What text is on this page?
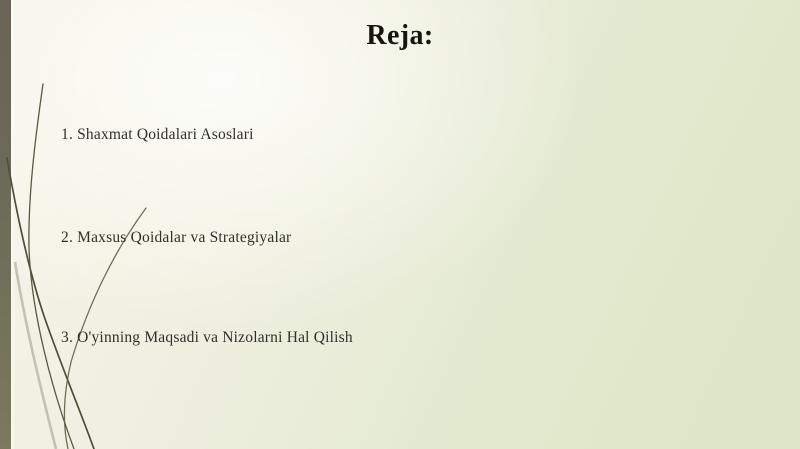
Reja:
1. Shaxmat Qoidalari Asoslari
2. Maxsus Qoidalar va Strategiyalar
3. O'yinning Maqsadi va Nizolarni Hal Qilish
